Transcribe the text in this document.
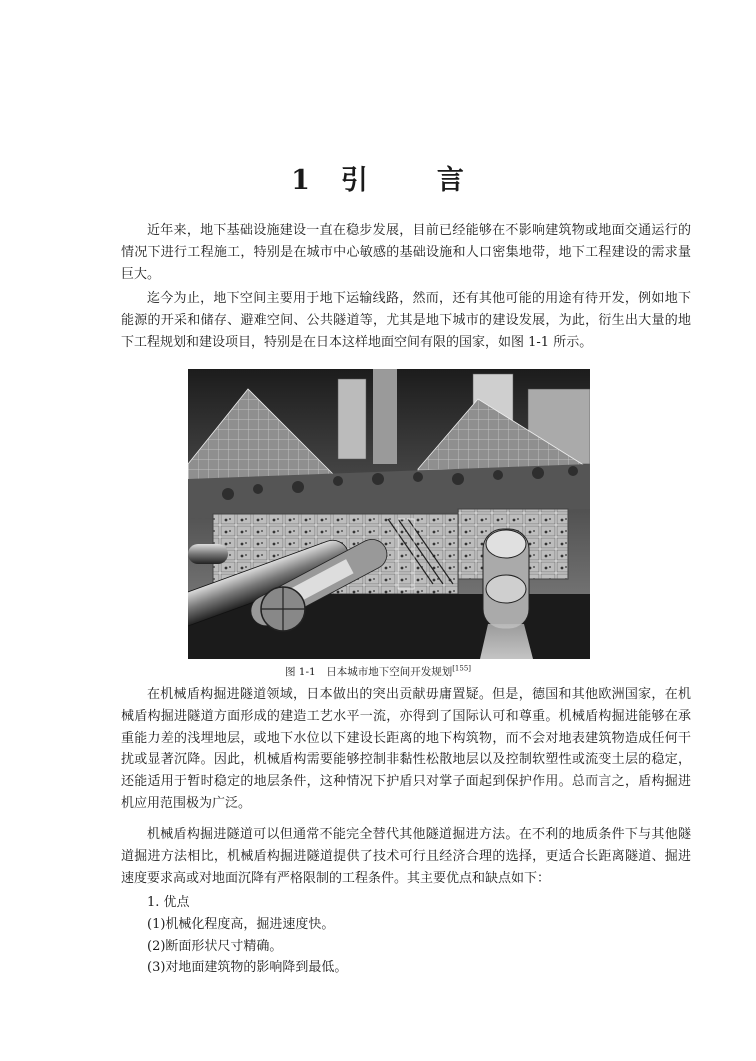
1 引	言

近年来，地下基础设施建设一直在稳步发展，目前已经能够在不影响建筑物或地面交通运行的情况下进行工程施工，特别是在城市中心敏感的基础设施和人口密集地带，地下工程建设的需求量巨大。

迄今为止，地下空间主要用于地下运输线路，然而，还有其他可能的用途有待开发，例如地下能源的开采和储存、避难空间、公共隧道等，尤其是地下城市的建设发展，为此，衍生出大量的地下工程规划和建设项目，特别是在日本这样地面空间有限的国家，如图 1-1 所示。

图 1-1　日本城市地下空间开发规划[155]

在机械盾构掘进隧道领域，日本做出的突出贡献毋庸置疑。但是，德国和其他欧洲国家，在机械盾构掘进隧道方面形成的建造工艺水平一流，亦得到了国际认可和尊重。机械盾构掘进能够在承重能力差的浅埋地层，或地下水位以下建设长距离的地下构筑物，而不会对地表建筑物造成任何干扰或显著沉降。因此，机械盾构需要能够控制非黏性松散地层以及控制软塑性或流变土层的稳定，还能适用于暂时稳定的地层条件，这种情况下护盾只对掌子面起到保护作用。总而言之，盾构掘进机应用范围极为广泛。

机械盾构掘进隧道可以但通常不能完全替代其他隧道掘进方法。在不利的地质条件下与其他隧道掘进方法相比，机械盾构掘进隧道提供了技术可行且经济合理的选择，更适合长距离隧道、掘进速度要求高或对地面沉降有严格限制的工程条件。其主要优点和缺点如下：

1. 优点
(1)机械化程度高，掘进速度快。
(2)断面形状尺寸精确。
(3)对地面建筑物的影响降到最低。
